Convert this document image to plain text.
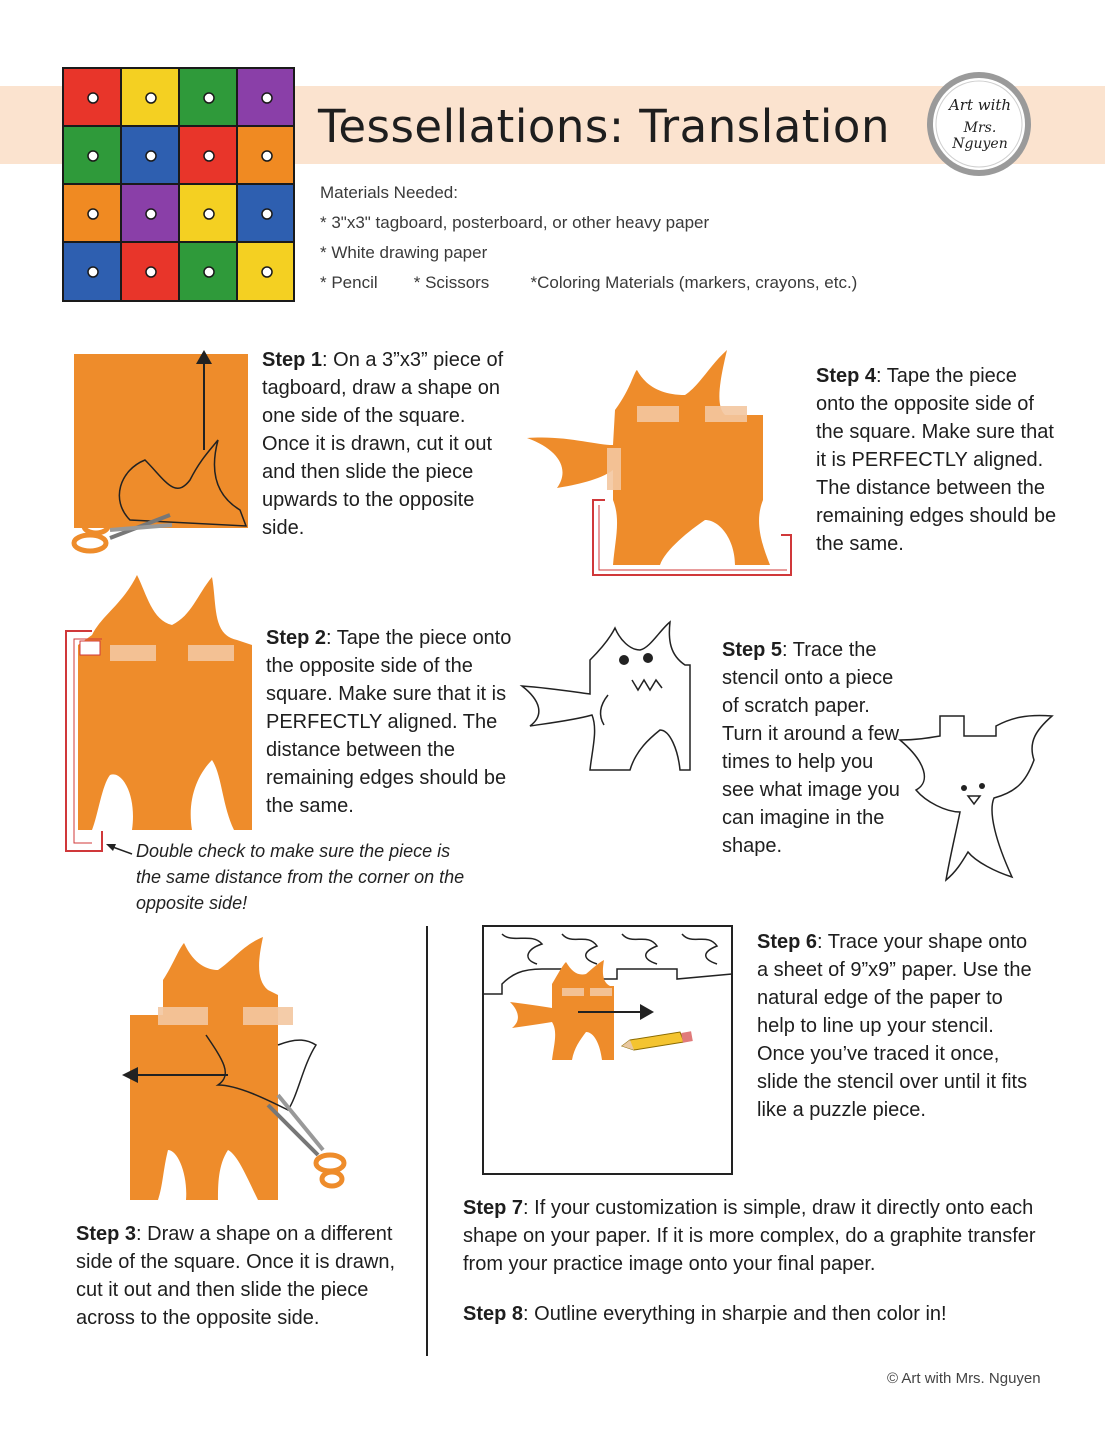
Tessellations: Translation	Art with
Mrs. Nguyen
Materials Needed:
* 3"x3" tagboard, posterboard, or other heavy paper
* White drawing paper
* Pencil * Scissors *Coloring Materials (markers, crayons, etc.)
Step 1: On a 3”x3” piece of tagboard, draw a shape on one side of the square. Once it is drawn, cut it out and then slide the piece upwards to the opposite side.
Step 4: Tape the piece onto the opposite side of the square. Make sure that it is PERFECTLY aligned. The distance between the remaining edges should be the same.
Step 2: Tape the piece onto the opposite side of the square. Make sure that it is PERFECTLY aligned. The distance between the remaining edges should be the same.
Double check to make sure the piece is the same distance from the corner on the opposite side!
Step 5: Trace the stencil onto a piece of scratch paper. Turn it around a few times to help you see what image you can imagine in the shape.
Step 3: Draw a shape on a different side of the square. Once it is drawn, cut it out and then slide the piece across to the opposite side.
Step 6: Trace your shape onto a sheet of 9”x9” paper. Use the natural edge of the paper to help to line up your stencil. Once you’ve traced it once, slide the stencil over until it fits like a puzzle piece.
Step 7: If your customization is simple, draw it directly onto each shape on your paper. If it is more complex, do a graphite transfer from your practice image onto your final paper.
Step 8: Outline everything in sharpie and then color in!
© Art with Mrs. Nguyen
